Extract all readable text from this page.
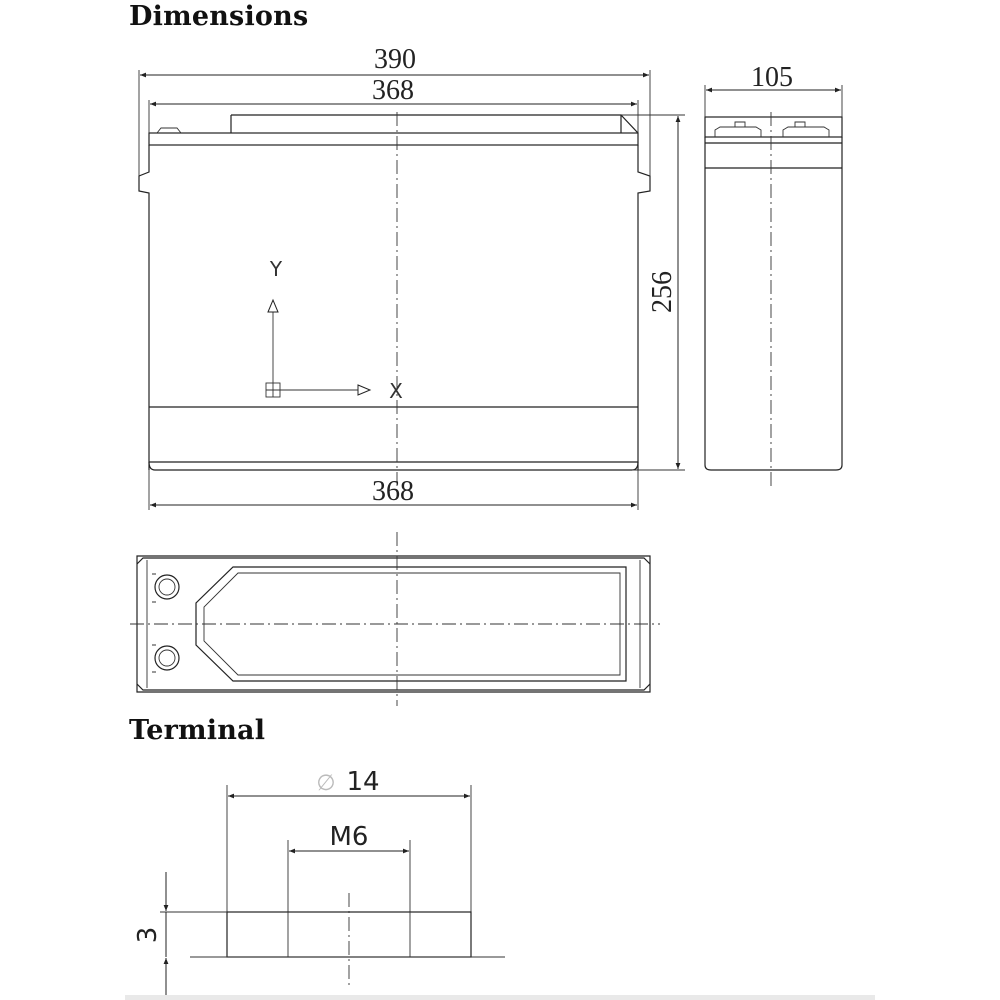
Dimensions
Terminal
390
368
256
368
Y
X
105
∅ 14
M6
3
